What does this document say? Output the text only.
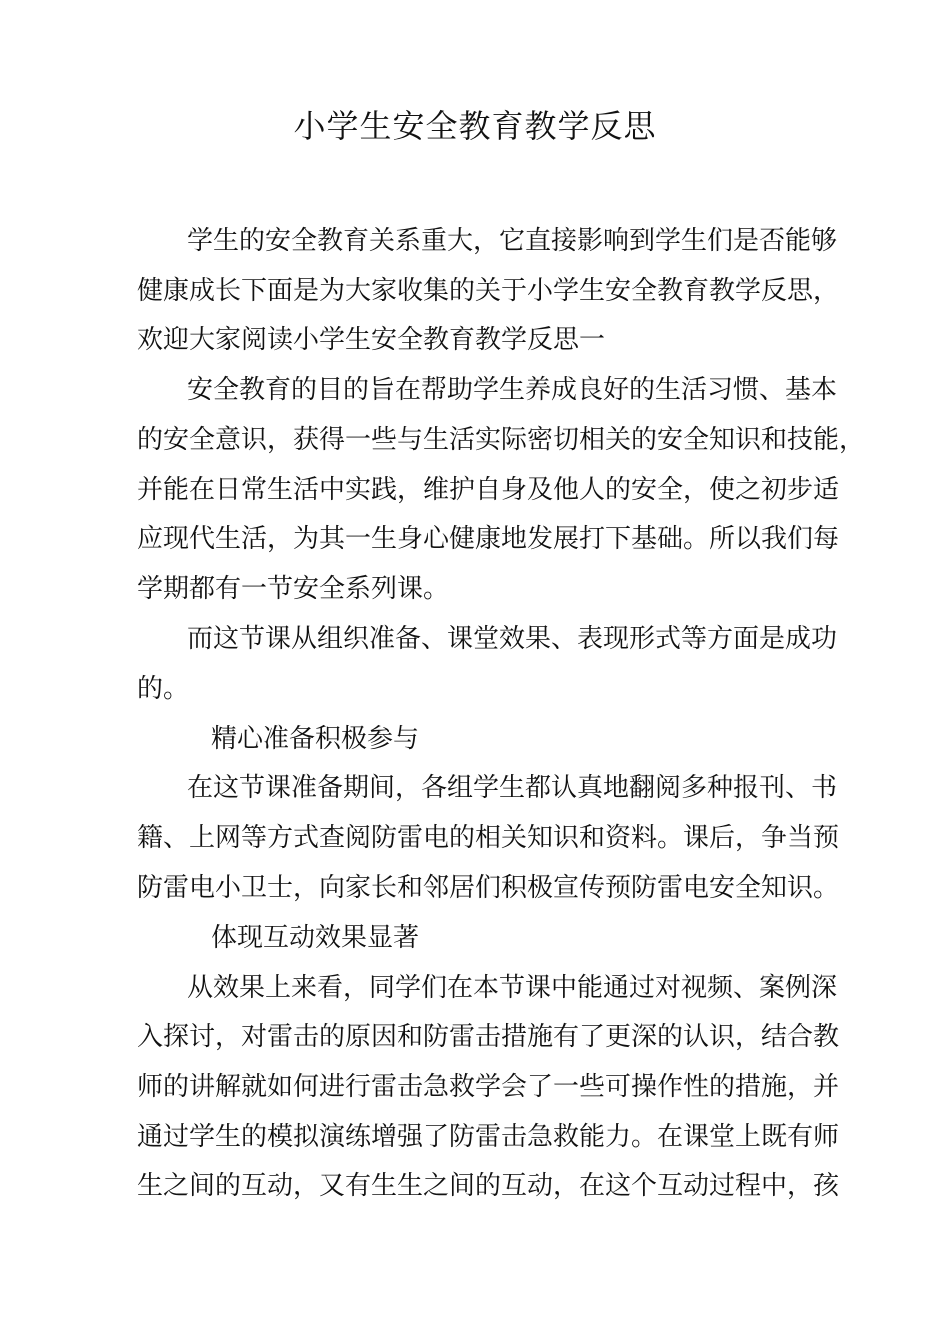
小学生安全教育教学反思

学生的安全教育关系重大，它直接影响到学生们是否能够

健康成长下面是为大家收集的关于小学生安全教育教学反思，

欢迎大家阅读小学生安全教育教学反思一

安全教育的目的旨在帮助学生养成良好的生活习惯、基本

的安全意识，获得一些与生活实际密切相关的安全知识和技能，

并能在日常生活中实践，维护自身及他人的安全，使之初步适

应现代生活，为其一生身心健康地发展打下基础。所以我们每

学期都有一节安全系列课。

而这节课从组织准备、课堂效果、表现形式等方面是成功

的。

精心准备积极参与

在这节课准备期间，各组学生都认真地翻阅多种报刊、书

籍、上网等方式查阅防雷电的相关知识和资料。课后，争当预

防雷电小卫士，向家长和邻居们积极宣传预防雷电安全知识。

体现互动效果显著

从效果上来看，同学们在本节课中能通过对视频、案例深

入探讨，对雷击的原因和防雷击措施有了更深的认识，结合教

师的讲解就如何进行雷击急救学会了一些可操作性的措施，并

通过学生的模拟演练增强了防雷击急救能力。在课堂上既有师

生之间的互动，又有生生之间的互动，在这个互动过程中，孩
